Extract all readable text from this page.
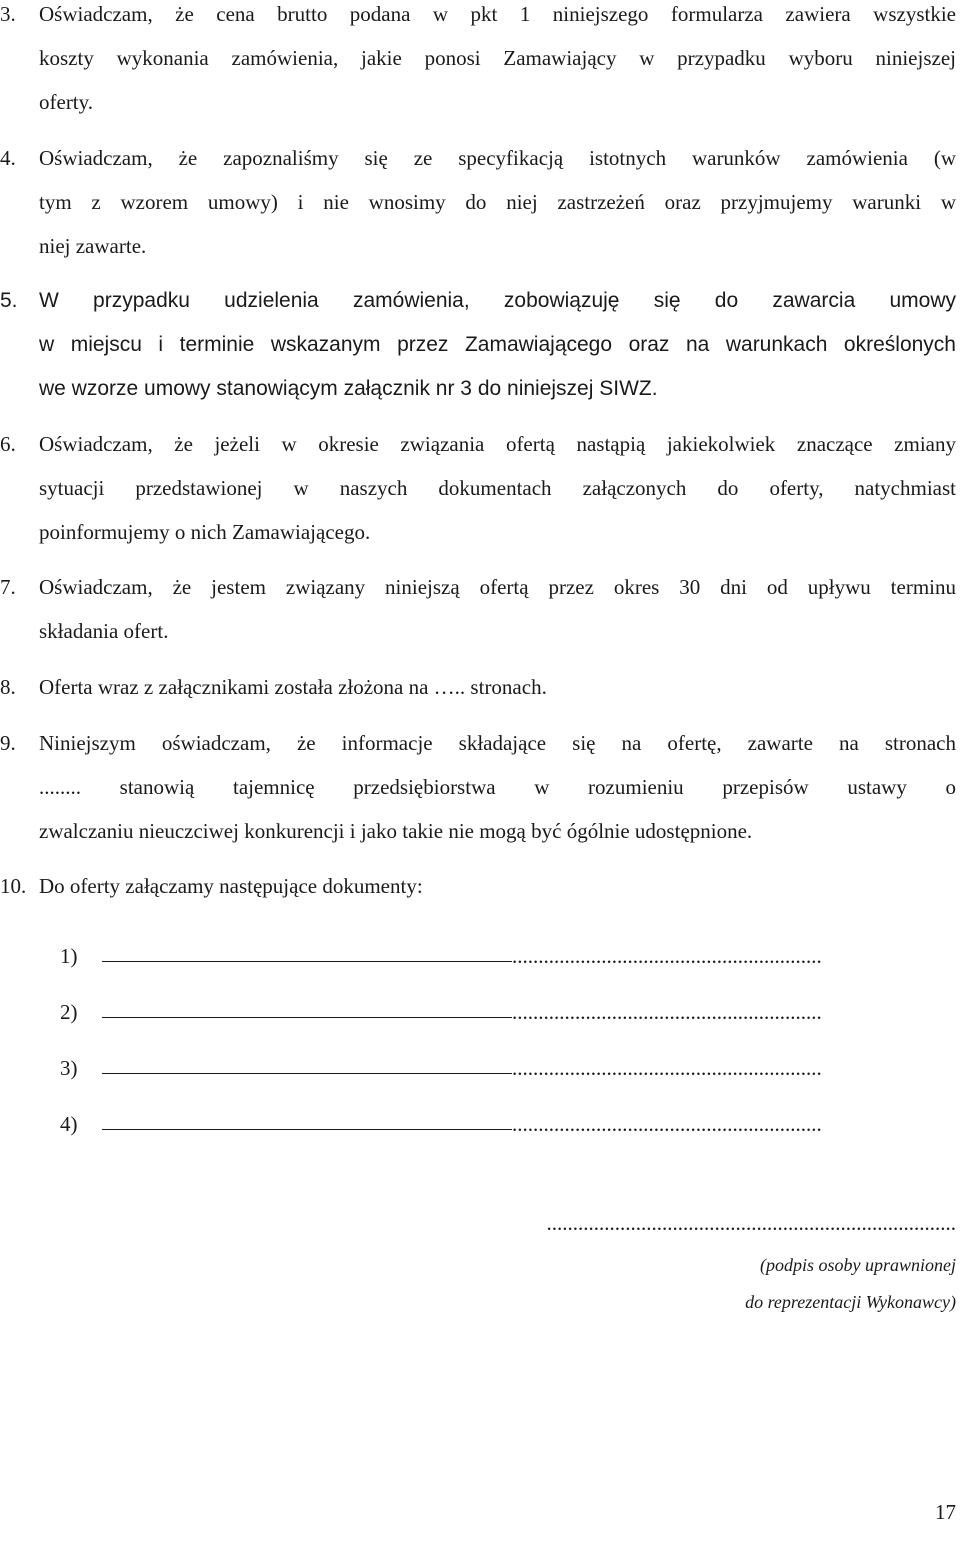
3.	Oświadczam, że cena brutto podana w pkt 1 niniejszego formularza zawiera wszystkie
koszty wykonania zamówienia, jakie ponosi Zamawiający w przypadku wyboru niniejszej
oferty.
4.	Oświadczam, że zapoznaliśmy się ze specyfikacją istotnych warunków zamówienia (w
tym z wzorem umowy) i nie wnosimy do niej zastrzeżeń oraz przyjmujemy warunki w
niej zawarte.
5.	W przypadku udzielenia zamówienia, zobowiązuję się do zawarcia umowy
w miejscu i terminie wskazanym przez Zamawiającego oraz na warunkach określonych
we wzorze umowy stanowiącym załącznik nr 3 do niniejszej SIWZ.
6.	Oświadczam, że jeżeli w okresie związania ofertą nastąpią jakiekolwiek znaczące zmiany
sytuacji przedstawionej w naszych dokumentach załączonych do oferty, natychmiast
poinformujemy o nich Zamawiającego.
7.	Oświadczam, że jestem związany niniejszą ofertą przez okres 30 dni od upływu terminu
składania ofert.
8.	Oferta wraz z załącznikami została złożona na ….. stronach.
9.	Niniejszym oświadczam, że informacje składające się na ofertę, zawarte na stronach
........ stanowią tajemnicę przedsiębiorstwa w rozumieniu przepisów ustawy o
zwalczaniu nieuczciwej konkurencji i jako takie nie mogą być ógólnie udostępnione.
10. Do oferty załączamy następujące dokumenty:
1)	...........................................................
2)	...........................................................
3)	...........................................................
4)	...........................................................
..............................................................................
(podpis osoby uprawnionej
do reprezentacji Wykonawcy)
17
